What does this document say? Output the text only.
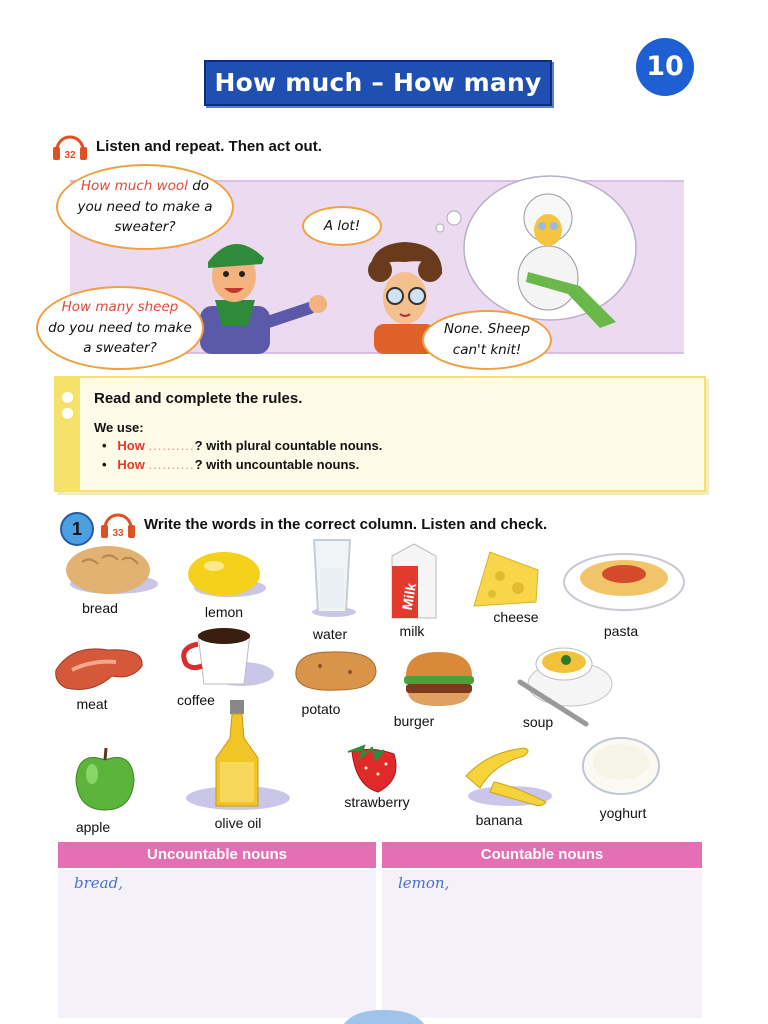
How much – How many
10
32
Listen and repeat. Then act out.
How much wool do
you need to make a
sweater?	A lot!
How many sheep
do you need to make
a sweater?
None. Sheep
can't knit!
Read and complete the rules.
We use:
• How ..........? with plural countable nouns.
• How ..........? with uncountable nouns.
1	33
Write the words in the correct column. Listen and check.
bread	lemon
water
Milk
milk
cheese
pasta
meat	coffee
potato
burger	soup
apple	olive oil
strawberry
banana	yoghurt
Uncountable nouns	Countable nouns
bread,	lemon,
